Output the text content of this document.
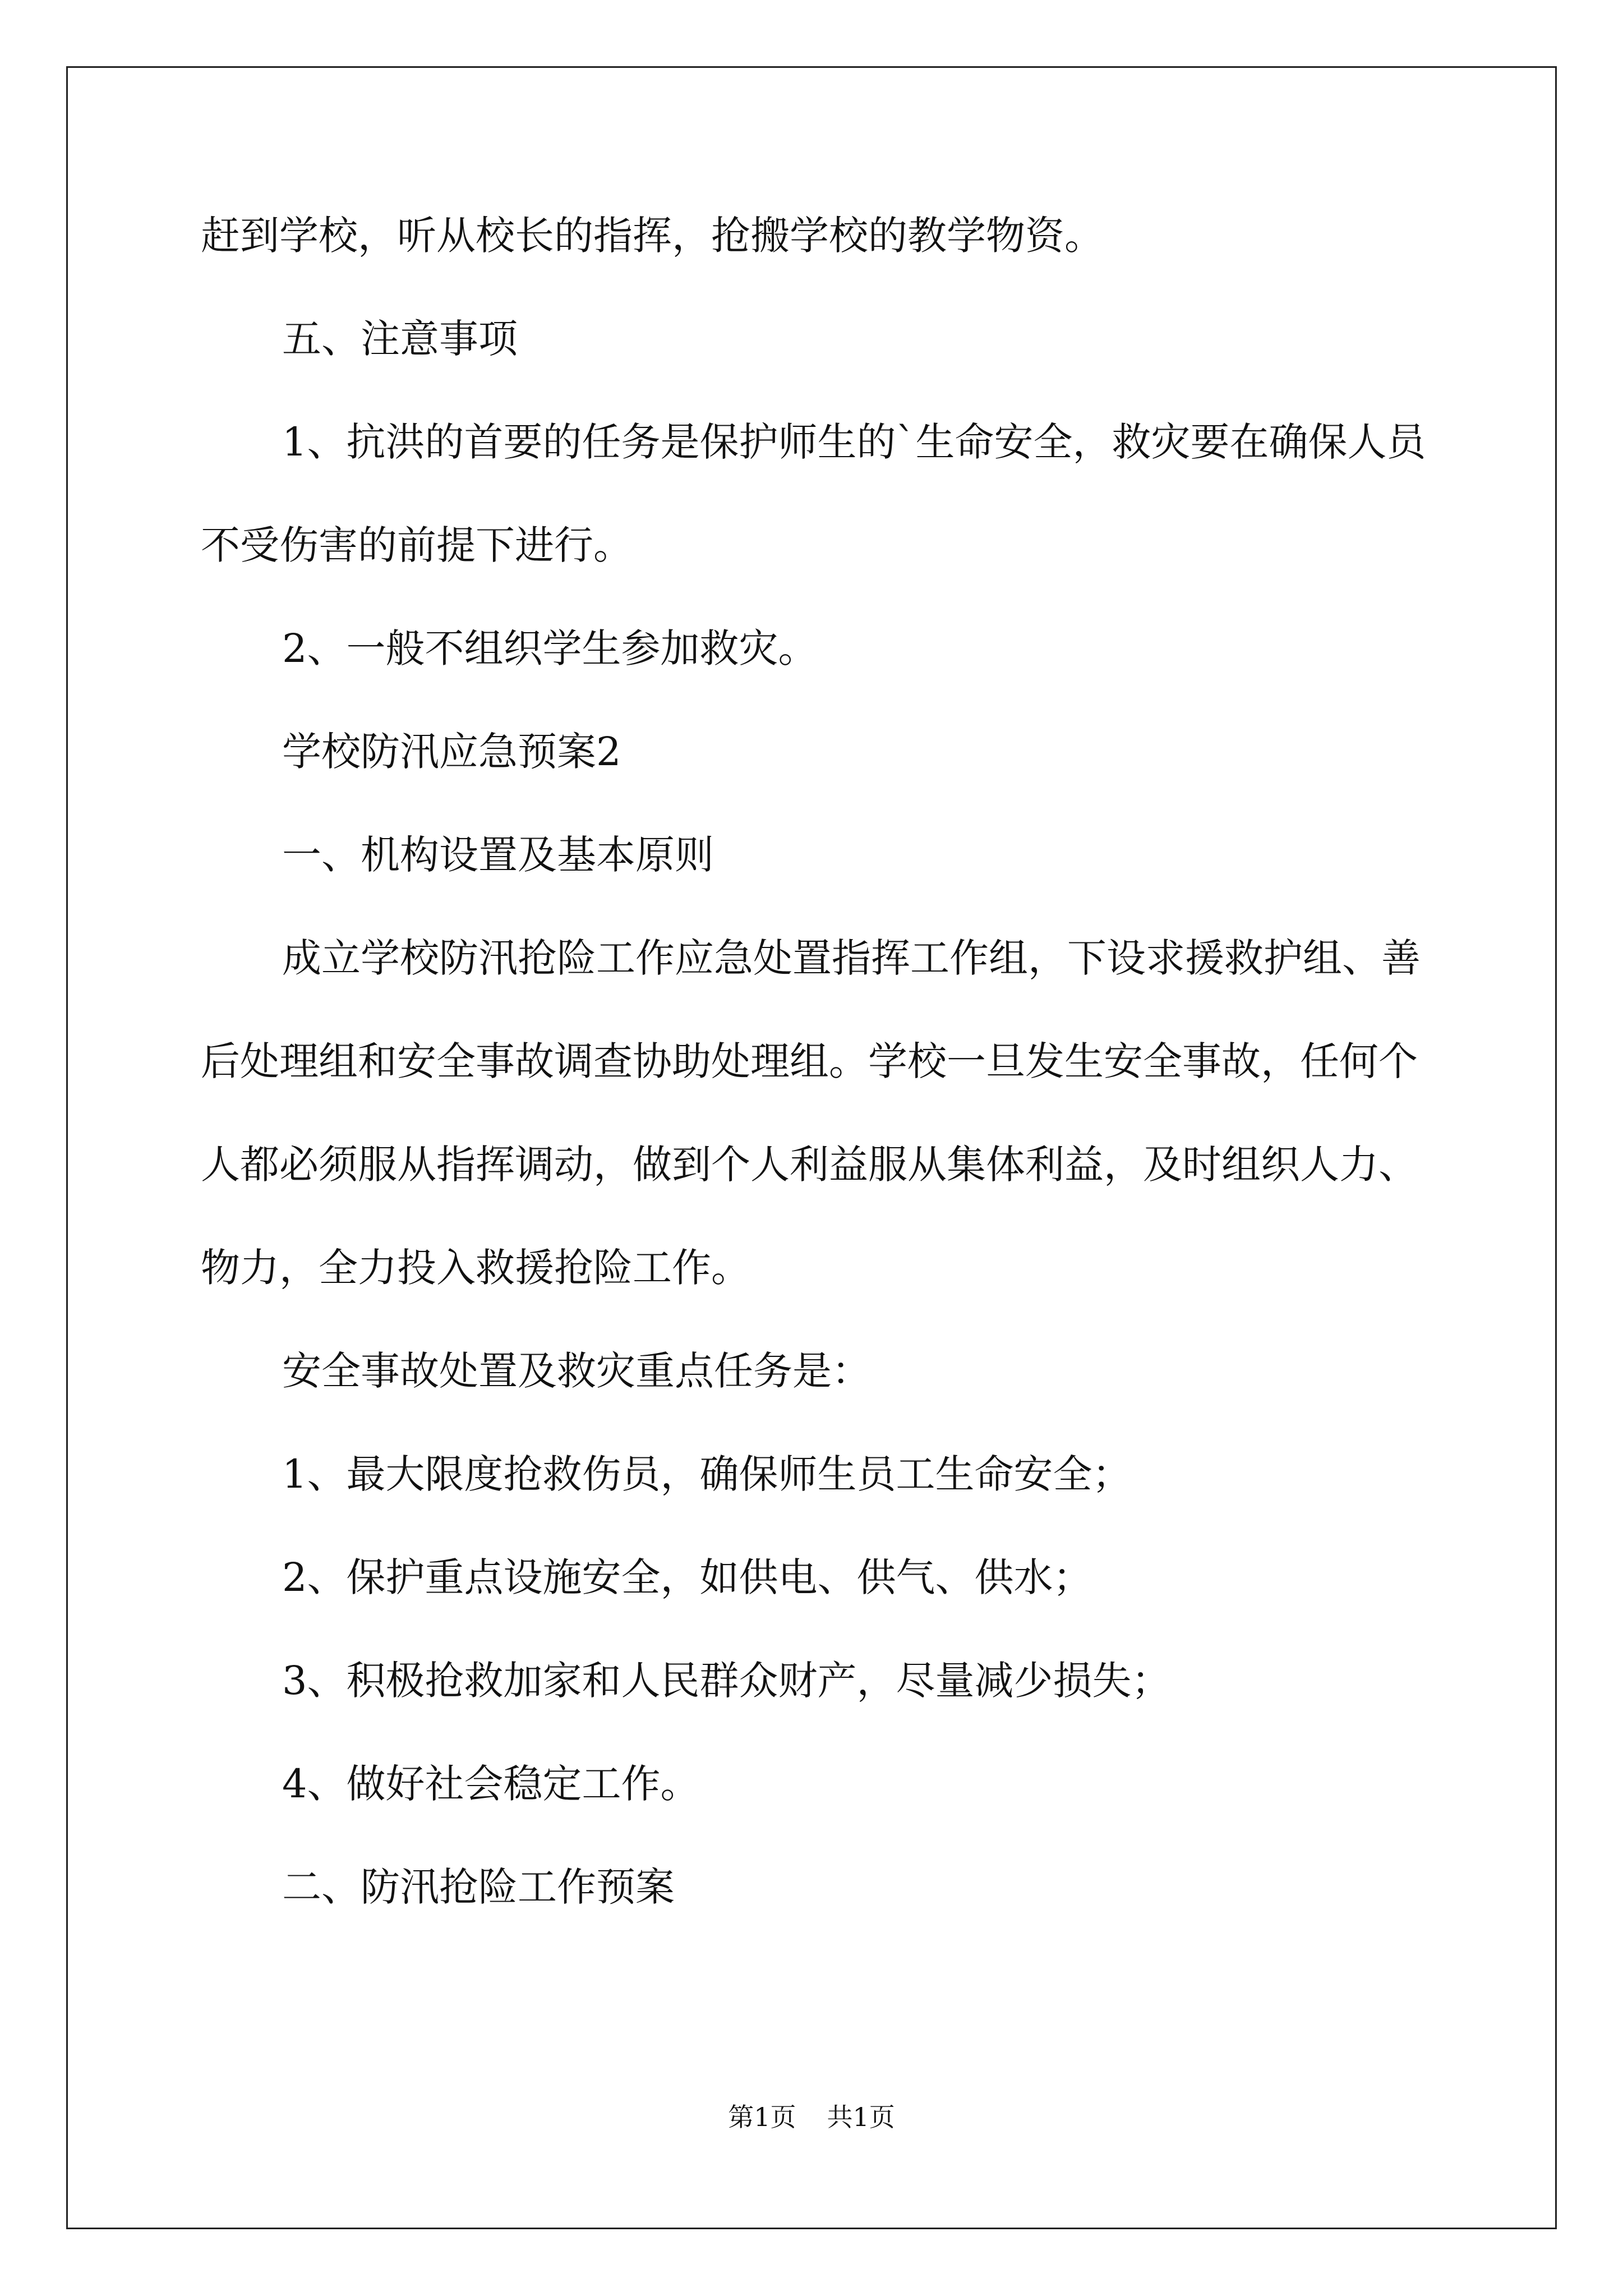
赶到学校，听从校长的指挥，抢搬学校的教学物资。

五、注意事项

1、抗洪的首要的任务是保护师生的`生命安全，救灾要在确保人员不受伤害的前提下进行。

2、一般不组织学生参加救灾。

学校防汛应急预案2

一、机构设置及基本原则

成立学校防汛抢险工作应急处置指挥工作组，下设求援救护组、善后处理组和安全事故调查协助处理组。学校一旦发生安全事故，任何个人都必须服从指挥调动，做到个人利益服从集体利益，及时组织人力、物力，全力投入救援抢险工作。

安全事故处置及救灾重点任务是：

1、最大限度抢救伤员，确保师生员工生命安全；

2、保护重点设施安全，如供电、供气、供水；

3、积极抢救加家和人民群众财产，尽量减少损失；

4、做好社会稳定工作。

二、防汛抢险工作预案

第1页 共1页
